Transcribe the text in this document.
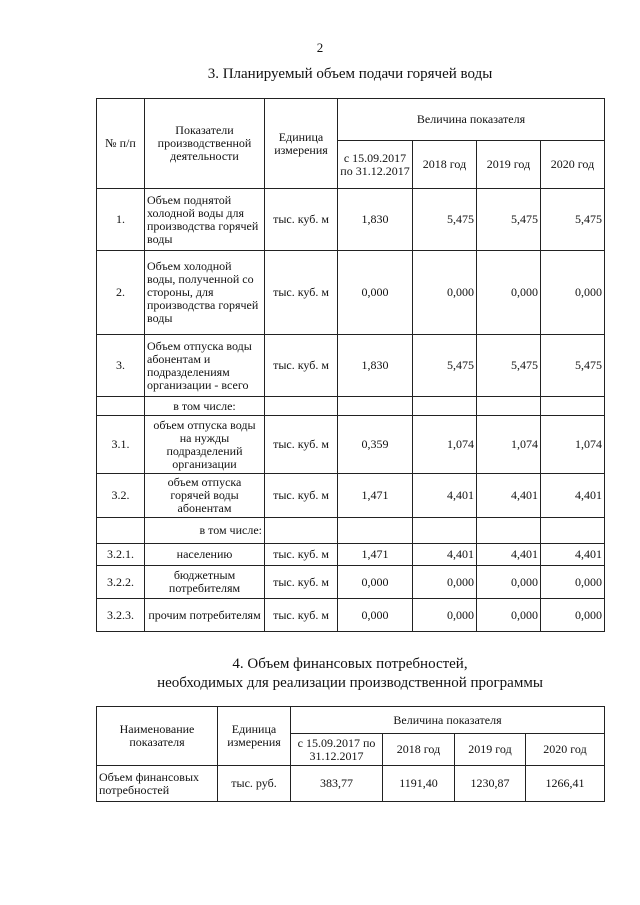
2
3. Планируемый объем подачи горячей воды
№ п/п	Показатели производственной деятельности	Единица измерения	Величина показателя			
			с 15.09.2017 по 31.12.2017	2018 год	2019 год	2020 год
1.	Объем поднятой холодной воды для производства горячей воды	тыс. куб. м	1,830	5,475	5,475	5,475
2.	Объем холодной воды, полученной со стороны, для производства горячей воды	тыс. куб. м	0,000	0,000	0,000	0,000
3.	Объем отпуска воды абонентам и подразделениям организации - всего	тыс. куб. м	1,830	5,475	5,475	5,475
	в том числе:					
3.1.	объем отпуска воды на нужды подразделений организации	тыс. куб. м	0,359	1,074	1,074	1,074
3.2.	объем отпуска горячей воды абонентам	тыс. куб. м	1,471	4,401	4,401	4,401
	в том числе:					
3.2.1.	населению	тыс. куб. м	1,471	4,401	4,401	4,401
3.2.2.	бюджетным потребителям	тыс. куб. м	0,000	0,000	0,000	0,000
3.2.3.	прочим потребителям	тыс. куб. м	0,000	0,000	0,000	0,000
4. Объем финансовых потребностей,
необходимых для реализации производственной программы
Наименование показателя	Единица измерения	Величина показателя			
		с 15.09.2017 по 31.12.2017	2018 год	2019 год	2020 год
Объем финансовых потребностей	тыс. руб.	383,77	1191,40	1230,87	1266,41
